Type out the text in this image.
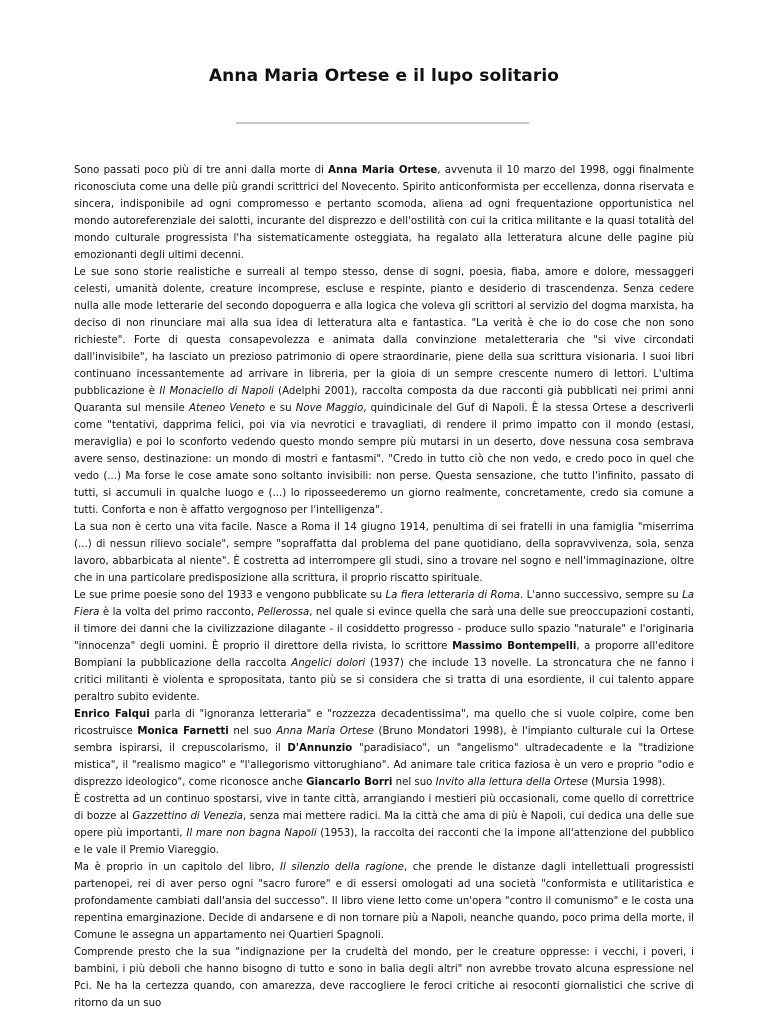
Anna Maria Ortese e il lupo solitario

Sono passati poco più di tre anni dalla morte di Anna Maria Ortese, avvenuta il 10 marzo del 1998, oggi finalmente riconosciuta come una delle più grandi scrittrici del Novecento. Spirito anticonformista per eccellenza, donna riservata e sincera, indisponibile ad ogni compromesso e pertanto scomoda, aliena ad ogni frequentazione opportunistica nel mondo autoreferenziale dei salotti, incurante del disprezzo e dell'ostilità con cui la critica militante e la quasi totalità del mondo culturale progressista l'ha sistematicamente osteggiata, ha regalato alla letteratura alcune delle pagine più emozionanti degli ultimi decenni.

Le sue sono storie realistiche e surreali al tempo stesso, dense di sogni, poesia, fiaba, amore e dolore, messaggeri celesti, umanità dolente, creature incomprese, escluse e respinte, pianto e desiderio di trascendenza. Senza cedere nulla alle mode letterarie del secondo dopoguerra e alla logica che voleva gli scrittori al servizio del dogma marxista, ha deciso di non rinunciare mai alla sua idea di letteratura alta e fantastica. "La verità è che io do cose che non sono richieste". Forte di questa consapevolezza e animata dalla convinzione metaletteraria che "si vive circondati dall'invisibile", ha lasciato un prezioso patrimonio di opere straordinarie, piene della sua scrittura visionaria. I suoi libri continuano incessantemente ad arrivare in libreria, per la gioia di un sempre crescente numero di lettori. L'ultima pubblicazione è Il Monaciello di Napoli (Adelphi 2001), raccolta composta da due racconti già pubblicati nei primi anni Quaranta sul mensile Ateneo Veneto e su Nove Maggio, quindicinale del Guf di Napoli. È la stessa Ortese a descriverli come "tentativi, dapprima felici, poi via via nevrotici e travagliati, di rendere il primo impatto con il mondo (estasi, meraviglia) e poi lo sconforto vedendo questo mondo sempre più mutarsi in un deserto, dove nessuna cosa sembrava avere senso, destinazione: un mondo di mostri e fantasmi". "Credo in tutto ciò che non vedo, e credo poco in quel che vedo (...) Ma forse le cose amate sono soltanto invisibili: non perse. Questa sensazione, che tutto l'infinito, passato di tutti, si accumuli in qualche luogo e (...) lo riposseederemo un giorno realmente, concretamente, credo sia comune a tutti. Conforta e non è affatto vergognoso per l'intelligenza".

La sua non è certo una vita facile. Nasce a Roma il 14 giugno 1914, penultima di sei fratelli in una famiglia "miserrima (...) di nessun rilievo sociale", sempre "sopraffatta dal problema del pane quotidiano, della sopravvivenza, sola, senza lavoro, abbarbicata al niente". È costretta ad interrompere gli studi, sino a trovare nel sogno e nell'immaginazione, oltre che in una particolare predisposizione alla scrittura, il proprio riscatto spirituale.

Le sue prime poesie sono del 1933 e vengono pubblicate su La fiera letteraria di Roma. L'anno successivo, sempre su La Fiera è la volta del primo racconto, Pellerossa, nel quale si evince quella che sarà una delle sue preoccupazioni costanti, il timore dei danni che la civilizzazione dilagante - il cosiddetto progresso - produce sullo spazio "naturale" e l'originaria "innocenza" degli uomini. È proprio il direttore della rivista, lo scrittore Massimo Bontempelli, a proporre all'editore Bompiani la pubblicazione della raccolta Angelici dolori (1937) che include 13 novelle. La stroncatura che ne fanno i critici militanti è violenta e spropositata, tanto più se si considera che si tratta di una esordiente, il cui talento appare peraltro subito evidente.

Enrico Falqui parla di "ignoranza letteraria" e "rozzezza decadentissima", ma quello che si vuole colpire, come ben ricostruisce Monica Farnetti nel suo Anna Maria Ortese (Bruno Mondatori 1998), è l'impianto culturale cui la Ortese sembra ispirarsi, il crepuscolarismo, il D'Annunzio "paradisiaco", un "angelismo" ultradecadente e la "tradizione mistica", il "realismo magico" e "l'allegorismo vittorughiano". Ad animare tale critica faziosa è un vero e proprio "odio e disprezzo ideologico", come riconosce anche Giancarlo Borri nel suo Invito alla lettura della Ortese (Mursia 1998).

È costretta ad un continuo spostarsi, vive in tante città, arrangiando i mestieri più occasionali, come quello di correttrice di bozze al Gazzettino di Venezia, senza mai mettere radici. Ma la città che ama di più è Napoli, cui dedica una delle sue opere più importanti, Il mare non bagna Napoli (1953), la raccolta dei racconti che la impone all'attenzione del pubblico e le vale il Premio Viareggio.

Ma è proprio in un capitolo del libro, Il silenzio della ragione, che prende le distanze dagli intellettuali progressisti partenopei, rei di aver perso ogni "sacro furore" e di essersi omologati ad una società "conformista e utilitaristica e profondamente cambiati dall'ansia del successo". Il libro viene letto come un'opera "contro il comunismo" e le costa una repentina emarginazione. Decide di andarsene e di non tornare più a Napoli, neanche quando, poco prima della morte, il Comune le assegna un appartamento nei Quartieri Spagnoli.

Comprende presto che la sua "indignazione per la crudeltà del mondo, per le creature oppresse: i vecchi, i poveri, i bambini, i più deboli che hanno bisogno di tutto e sono in balia degli altri" non avrebbe trovato alcuna espressione nel Pci. Ne ha la certezza quando, con amarezza, deve raccogliere le feroci critiche ai resoconti giornalistici che scrive di ritorno da un suo
